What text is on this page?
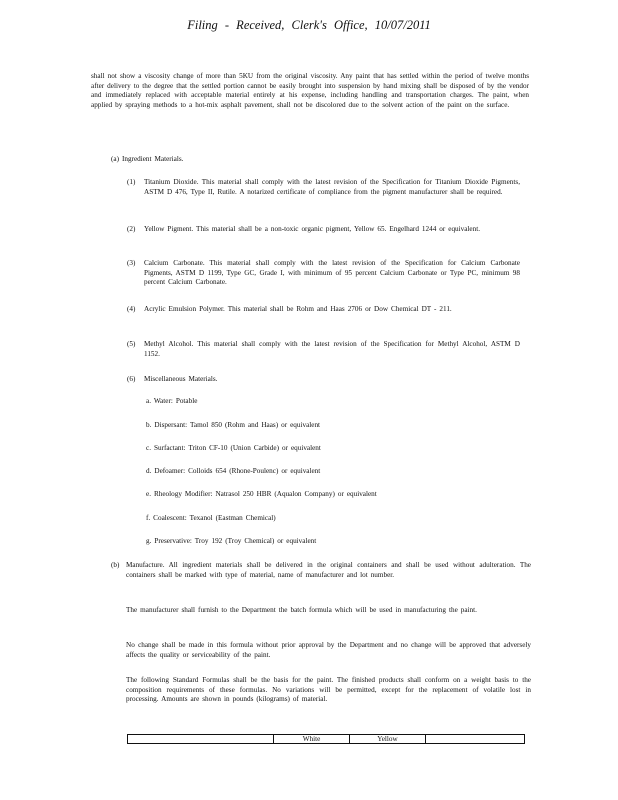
Filing - Received, Clerk's Office, 10/07/2011
shall not show a viscosity change of more than 5KU from the original viscosity. Any paint that has settled within the period of twelve months after delivery to the degree that the settled portion cannot be easily brought into suspension by hand mixing shall be disposed of by the vendor and immediately replaced with acceptable material entirely at his expense, including handling and transportation charges. The paint, when applied by spraying methods to a hot-mix asphalt pavement, shall not be discolored due to the solvent action of the paint on the surface.
(a) Ingredient Materials.
(1) Titanium Dioxide. This material shall comply with the latest revision of the Specification for Titanium Dioxide Pigments, ASTM D 476, Type II, Rutile. A notarized certificate of compliance from the pigment manufacturer shall be required.
(2) Yellow Pigment. This material shall be a non-toxic organic pigment, Yellow 65. Engelhard 1244 or equivalent.
(3) Calcium Carbonate. This material shall comply with the latest revision of the Specification for Calcium Carbonate Pigments, ASTM D 1199, Type GC, Grade I, with minimum of 95 percent Calcium Carbonate or Type PC, minimum 98 percent Calcium Carbonate.
(4) Acrylic Emulsion Polymer. This material shall be Rohm and Haas 2706 or Dow Chemical DT - 211.
(5) Methyl Alcohol. This material shall comply with the latest revision of the Specification for Methyl Alcohol, ASTM D 1152.
(6) Miscellaneous Materials.
a. Water: Potable
b. Dispersant: Tamol 850 (Rohm and Haas) or equivalent
c. Surfactant: Triton CF-10 (Union Carbide) or equivalent
d. Defoamer: Colloids 654 (Rhone-Poulenc) or equivalent
e. Rheology Modifier: Natrasol 250 HBR (Aqualon Company) or equivalent
f. Coalescent: Texanol (Eastman Chemical)
g. Preservative: Troy 192 (Troy Chemical) or equivalent
(b) Manufacture. All ingredient materials shall be delivered in the original containers and shall be used without adulteration. The containers shall be marked with type of material, name of manufacturer and lot number.
The manufacturer shall furnish to the Department the batch formula which will be used in manufacturing the paint.
No change shall be made in this formula without prior approval by the Department and no change will be approved that adversely affects the quality or serviceability of the paint.
The following Standard Formulas shall be the basis for the paint. The finished products shall conform on a weight basis to the composition requirements of these formulas. No variations will be permitted, except for the replacement of volatile lost in processing. Amounts are shown in pounds (kilograms) of material.
White	Yellow
